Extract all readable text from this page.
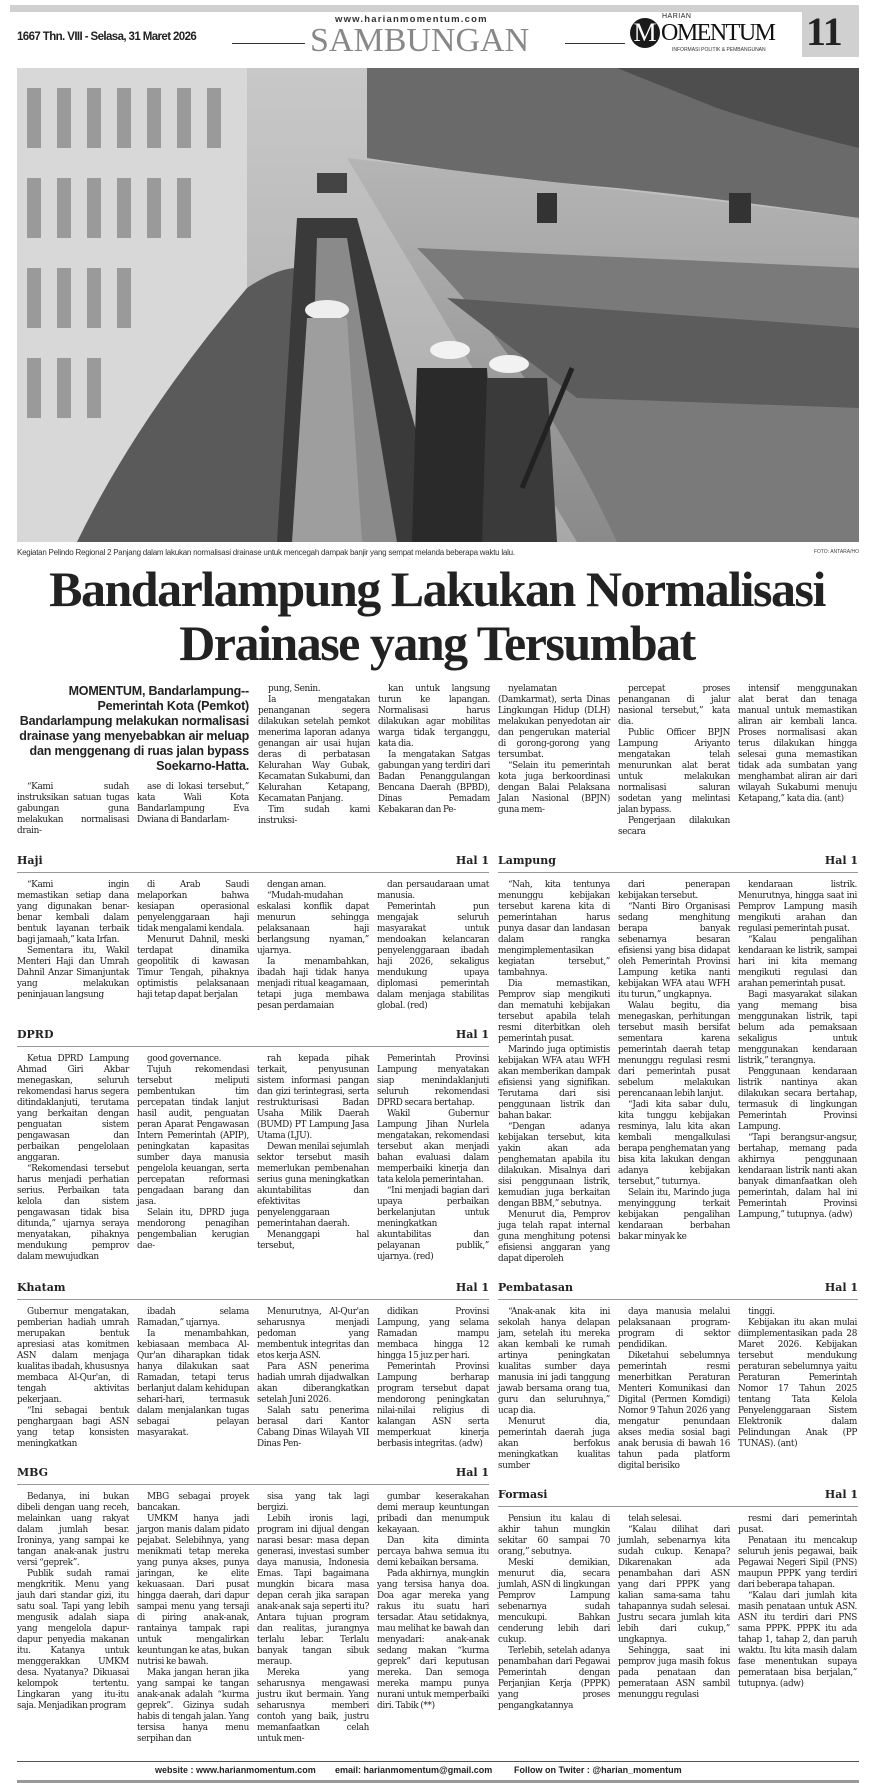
11
1667 Thn. VIII - Selasa, 31 Maret 2026
www.harianmomentum.com
SAMBUNGAN	M
HARIAN
OMENTUM
INFORMASI POLITIK & PEMBANGUNAN
Kegiatan Pelindo Regional 2 Panjang dalam lakukan normalisasi drainase untuk mencegah dampak banjir yang sempat melanda beberapa waktu lalu.	FOTO: ANTARA/HO
Bandarlampung Lakukan Normalisasi
Drainase yang Tersumbat
MOMENTUM, Bandarlampung--Pemerintah Kota (Pemkot) Bandarlampung melakukan normalisasi drainase yang menyebabkan air meluap dan menggenang di ruas jalan bypass Soekarno-Hatta.

“Kami sudah instruksikan satuan tugas gabungan guna melakukan normalisasi drain-

ase di lokasi tersebut,” kata Wali Kota Bandarlampung Eva Dwiana di Bandarlam-

pung, Senin.

Ia mengatakan penanganan segera dilakukan setelah pemkot menerima laporan adanya genangan air usai hujan deras di perbatasan Kelurahan Way Gubak, Kecamatan Sukabumi, dan Kelurahan Ketapang, Kecamatan Panjang.

Tim sudah kami instruksi-

kan untuk langsung turun ke lapangan. Normalisasi harus dilakukan agar mobilitas warga tidak terganggu, kata dia.

Ia mengatakan Satgas gabungan yang terdiri dari Badan Penanggulangan Bencana Daerah (BPBD), Dinas Pemadam Kebakaran dan Pe-

nyelamatan (Damkarmat), serta Dinas Lingkungan Hidup (DLH) melakukan penyedotan air dan pengerukan material di gorong-gorong yang tersumbat.

“Selain itu pemerintah kota juga berkoordinasi dengan Balai Pelaksana Jalan Nasional (BPJN) guna mem-

percepat proses penanganan di jalur nasional tersebut,” kata dia.

Public Officer BPJN Lampung Ariyanto mengatakan telah menurunkan alat berat untuk melakukan normalisasi saluran sodetan yang melintasi jalan bypass.

Pengerjaan dilakukan secara

intensif menggunakan alat berat dan tenaga manual untuk memastikan aliran air kembali lanca. Proses normalisasi akan terus dilakukan hingga selesai guna memastikan tidak ada sumbatan yang menghambat aliran air dari wilayah Sukabumi menuju Ketapang,” kata dia. (ant)

Haji	Hal 1

“Kami ingin memastikan setiap dana yang digunakan benar-benar kembali dalam bentuk layanan terbaik bagi jamaah,” kata Irfan.

Sementara itu, Wakil Menteri Haji dan Umrah Dahnil Anzar Simanjuntak yang melakukan peninjauan langsung

di Arab Saudi melaporkan bahwa kesiapan operasional penyelenggaraan haji tidak mengalami kendala.

Menurut Dahnil, meski terdapat dinamika geopolitik di kawasan Timur Tengah, pihaknya optimistis pelaksanaan haji tetap dapat berjalan

dengan aman.

“Mudah-mudahan eskalasi konflik dapat menurun sehingga pelaksanaan haji berlangsung nyaman,” ujarnya.

Ia menambahkan, ibadah haji tidak hanya menjadi ritual keagamaan, tetapi juga membawa pesan perdamaian

dan persaudaraan umat manusia.

Pemerintah pun mengajak seluruh masyarakat untuk mendoakan kelancaran penyelenggaraan ibadah haji 2026, sekaligus mendukung upaya diplomasi pemerintah dalam menjaga stabilitas global. (red)

DPRD	Hal 1

Ketua DPRD Lampung Ahmad Giri Akbar menegaskan, seluruh rekomendasi harus segera ditindaklanjuti, terutama yang berkaitan dengan penguatan sistem pengawasan dan perbaikan pengelolaan anggaran.

“Rekomendasi tersebut harus menjadi perhatian serius. Perbaikan tata kelola dan sistem pengawasan tidak bisa ditunda,” ujarnya seraya menyatakan, pihaknya mendukung pemprov dalam mewujudkan

good governance.

Tujuh rekomendasi tersebut meliputi pembentukan tim percepatan tindak lanjut hasil audit, penguatan peran Aparat Pengawasan Intern Pemerintah (APIP), peningkatan kapasitas sumber daya manusia pengelola keuangan, serta percepatan reformasi pengadaan barang dan jasa.

Selain itu, DPRD juga mendorong penagihan pengembalian kerugian dae-

rah kepada pihak terkait, penyusunan sistem informasi pangan dan gizi terintegrasi, serta restrukturisasi Badan Usaha Milik Daerah (BUMD) PT Lampung Jasa Utama (LJU).

Dewan menilai sejumlah sektor tersebut masih memerlukan pembenahan serius guna meningkatkan akuntabilitas dan efektivitas penyelenggaraan pemerintahan daerah.

Menanggapi hal tersebut,

Pemerintah Provinsi Lampung menyatakan siap menindaklanjuti seluruh rekomendasi DPRD secara bertahap.

Wakil Gubernur Lampung Jihan Nurlela mengatakan, rekomendasi tersebut akan menjadi bahan evaluasi dalam memperbaiki kinerja dan tata kelola pemerintahan.

“Ini menjadi bagian dari upaya perbaikan berkelanjutan untuk meningkatkan akuntabilitas dan pelayanan publik,” ujarnya. (red)

Lampung	Hal 1

“Nah, kita tentunya menunggu kebijakan tersebut karena kita di pemerintahan harus punya dasar dan landasan dalam rangka mengimplementasikan kegiatan tersebut,” tambahnya.

Dia memastikan, Pemprov siap mengikuti dan mematuhi kebijakan tersebut apabila telah resmi diterbitkan oleh pemerintah pusat.

Marindo juga optimistis kebijakan WFA atau WFH akan memberikan dampak efisiensi yang signifikan. Terutama dari sisi penggunaan listrik dan bahan bakar.

“Dengan adanya kebijakan tersebut, kita yakin akan ada penghematan apabila itu dilakukan. Misalnya dari sisi penggunaan listrik, kemudian juga berkaitan dengan BBM,” sebutnya.

Menurut dia, Pemprov juga telah rapat internal guna menghitung potensi efisiensi anggaran yang dapat diperoleh

dari penerapan kebijakan tersebut.

“Nanti Biro Organisasi sedang menghitung berapa banyak sebenarnya besaran efisiensi yang bisa didapat oleh Pemerintah Provinsi Lampung ketika nanti kebijakan WFA atau WFH itu turun,” ungkapnya.

Walau begitu, dia menegaskan, perhitungan tersebut masih bersifat sementara karena pemerintah daerah tetap menunggu regulasi resmi dari pemerintah pusat sebelum melakukan perencanaan lebih lanjut.

“Jadi kita sabar dulu, kita tunggu kebijakan resminya, lalu kita akan kembali mengalkulasi berapa penghematan yang bisa kita lakukan dengan adanya kebijakan tersebut,” tuturnya.

Selain itu, Marindo juga menyinggung terkait kebijakan pengalihan kendaraan berbahan bakar minyak ke

kendaraan listrik. Menurutnya, hingga saat ini Pemprov Lampung masih mengikuti arahan dan regulasi pemerintah pusat.

“Kalau pengalihan kendaraan ke listrik, sampai hari ini kita memang mengikuti regulasi dan arahan pemerintah pusat.

Bagi masyarakat silakan yang memang bisa menggunakan listrik, tapi belum ada pemaksaan sekaligus untuk menggunakan kendaraan listrik,” terangnya.

Penggunaan kendaraan listrik nantinya akan dilakukan secara bertahap, termasuk di lingkungan Pemerintah Provinsi Lampung.

“Tapi berangsur-angsur, bertahap, memang pada akhirnya penggunaan kendaraan listrik nanti akan banyak dimanfaatkan oleh pemerintah, dalam hal ini Pemerintah Provinsi Lampung,” tutupnya. (adw)

Khatam	Hal 1

Gubernur mengatakan, pemberian hadiah umrah merupakan bentuk apresiasi atas komitmen ASN dalam menjaga kualitas ibadah, khususnya membaca Al-Qur'an, di tengah aktivitas pekerjaan.

“Ini sebagai bentuk penghargaan bagi ASN yang tetap konsisten meningkatkan

ibadah selama Ramadan,” ujarnya.

Ia menambahkan, kebiasaan membaca Al-Qur'an diharapkan tidak hanya dilakukan saat Ramadan, tetapi terus berlanjut dalam kehidupan sehari-hari, termasuk dalam menjalankan tugas sebagai pelayan masyarakat.

Menurutnya, Al-Qur'an seharusnya menjadi pedoman yang membentuk integritas dan etos kerja ASN.

Para ASN penerima hadiah umrah dijadwalkan akan diberangkatkan setelah Juni 2026.

Salah satu penerima berasal dari Kantor Cabang Dinas Wilayah VII Dinas Pen-

didikan Provinsi Lampung, yang selama Ramadan mampu membaca hingga 12 hingga 15 juz per hari.

Pemerintah Provinsi Lampung berharap program tersebut dapat mendorong peningkatan nilai-nilai religius di kalangan ASN serta memperkuat kinerja berbasis integritas. (adw)

MBG	Hal 1

Bedanya, ini bukan dibeli dengan uang receh, melainkan uang rakyat dalam jumlah besar. Ironinya, yang sampai ke tangan anak-anak justru versi “geprek”.

Publik sudah ramai mengkritik. Menu yang jauh dari standar gizi, itu satu soal. Tapi yang lebih mengusik adalah siapa yang mengelola dapur-dapur penyedia makanan itu. Katanya untuk menggerakkan UMKM desa. Nyatanya? Dikuasai kelompok tertentu. Lingkaran yang itu-itu saja. Menjadikan program

MBG sebagai proyek bancakan.

UMKM hanya jadi jargon manis dalam pidato pejabat. Selebihnya, yang menikmati tetap mereka yang punya akses, punya jaringan, ke elite kekuasaan. Dari pusat hingga daerah, dari dapur sampai menu yang tersaji di piring anak-anak, rantainya tampak rapi untuk mengalirkan keuntungan ke atas, bukan nutrisi ke bawah.

Maka jangan heran jika yang sampai ke tangan anak-anak adalah “kurma geprek”. Gizinya sudah habis di tengah jalan. Yang tersisa hanya menu serpihan dan

sisa yang tak lagi bergizi.

Lebih ironis lagi, program ini dijual dengan narasi besar: masa depan generasi, investasi sumber daya manusia, Indonesia Emas. Tapi bagaimana mungkin bicara masa depan cerah jika sarapan anak-anak saja seperti itu? Antara tujuan program dan realitas, jurangnya terlalu lebar. Terlalu banyak tangan sibuk meraup.

Mereka yang seharusnya mengawasi justru ikut bermain. Yang seharusnya memberi contoh yang baik, justru memanfaatkan celah untuk men-

gumbar keserakahan demi meraup keuntungan pribadi dan menumpuk kekayaan.

Dan kita diminta percaya bahwa semua itu demi kebaikan bersama.

Pada akhirnya, mungkin yang tersisa hanya doa. Doa agar mereka yang rakus itu suatu hari tersadar. Atau setidaknya, mau melihat ke bawah dan menyadari: anak-anak sedang makan “kurma geprek” dari keputusan mereka. Dan semoga mereka mampu punya nurani untuk memperbaiki diri. Tabik (**)

Pembatasan	Hal 1

“Anak-anak kita ini sekolah hanya delapan jam, setelah itu mereka akan kembali ke rumah artinya peningkatan kualitas sumber daya manusia ini jadi tanggung jawab bersama orang tua, guru dan seluruhnya,” ucap dia.

Menurut dia, pemerintah daerah juga akan berfokus meningkatkan kualitas sumber

daya manusia melalui pelaksanaan program-program di sektor pendidikan.

Diketahui sebelumnya pemerintah resmi menerbitkan Peraturan Menteri Komunikasi dan Digital (Permen Komdigi) Nomor 9 Tahun 2026 yang mengatur penundaan akses media sosial bagi anak berusia di bawah 16 tahun pada platform digital berisiko

tinggi.

Kebijakan itu akan mulai diimplementasikan pada 28 Maret 2026. Kebijakan tersebut mendukung peraturan sebelumnya yaitu Peraturan Pemerintah Nomor 17 Tahun 2025 tentang Tata Kelola Penyelenggaraan Sistem Elektronik dalam Pelindungan Anak (PP TUNAS). (ant)

Formasi	Hal 1

Pensiun itu kalau di akhir tahun mungkin sekitar 60 sampai 70 orang,” sebutnya.

Meski demikian, menurut dia, secara jumlah, ASN di lingkungan Pemprov Lampung sebenarnya sudah mencukupi. Bahkan cenderung lebih dari cukup.

Terlebih, setelah adanya penambahan dari Pegawai Pemerintah dengan Perjanjian Kerja (PPPK) yang proses pengangkatannya

telah selesai.

“Kalau dilihat dari jumlah, sebenarnya kita sudah cukup. Kenapa? Dikarenakan ada penambahan dari ASN yang dari PPPK yang kalian sama-sama tahu tahapannya sudah selesai. Justru secara jumlah kita lebih dari cukup,” ungkapnya.

Sehingga, saat ini pemprov juga masih fokus pada penataan dan pemerataan ASN sambil menunggu regulasi

resmi dari pemerintah pusat.

Penataan itu mencakup seluruh jenis pegawai, baik Pegawai Negeri Sipil (PNS) maupun PPPK yang terdiri dari beberapa tahapan.

“Kalau dari jumlah kita masih penataan untuk ASN. ASN itu terdiri dari PNS sama PPPK. PPPK itu ada tahap 1, tahap 2, dan paruh waktu. Itu kita masih dalam fase menentukan supaya pemerataan bisa berjalan,” tutupnya. (adw)

website : www.harianmomentum.com email: harianmomentum@gmail.com Follow on Twiter : @harian_momentum
